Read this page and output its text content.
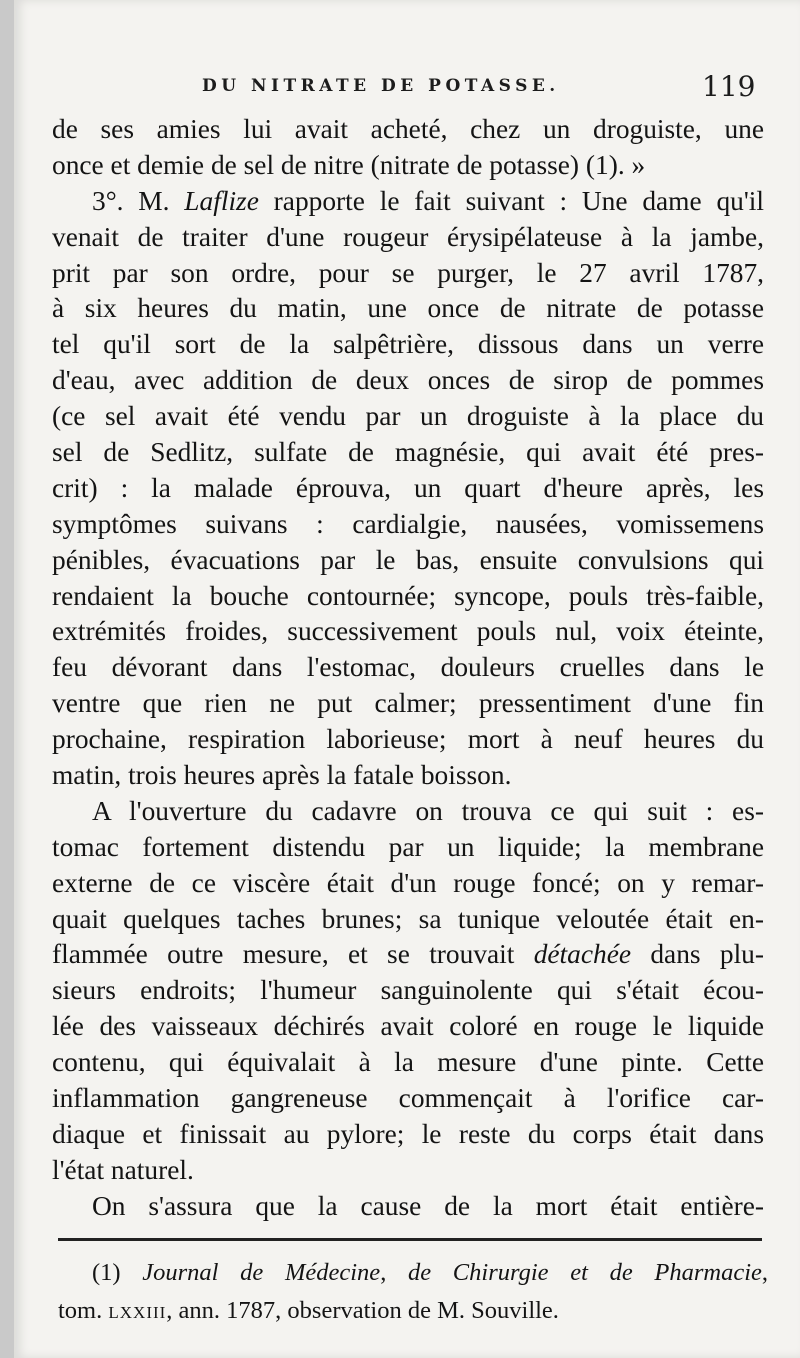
DU NITRATE DE POTASSE.	119
de ses amies lui avait acheté, chez un droguiste, une
once et demie de sel de nitre (nitrate de potasse) (1). »
3°. M. Laflize rapporte le fait suivant : Une dame qu'il
venait de traiter d'une rougeur érysipélateuse à la jambe,
prit par son ordre, pour se purger, le 27 avril 1787,
à six heures du matin, une once de nitrate de potasse
tel qu'il sort de la salpêtrière, dissous dans un verre
d'eau, avec addition de deux onces de sirop de pommes
(ce sel avait été vendu par un droguiste à la place du
sel de Sedlitz, sulfate de magnésie, qui avait été pres-
crit) : la malade éprouva, un quart d'heure après, les
symptômes suivans : cardialgie, nausées, vomissemens
pénibles, évacuations par le bas, ensuite convulsions qui
rendaient la bouche contournée; syncope, pouls très-faible,
extrémités froides, successivement pouls nul, voix éteinte,
feu dévorant dans l'estomac, douleurs cruelles dans le
ventre que rien ne put calmer; pressentiment d'une fin
prochaine, respiration laborieuse; mort à neuf heures du
matin, trois heures après la fatale boisson.
A l'ouverture du cadavre on trouva ce qui suit : es-
tomac fortement distendu par un liquide; la membrane
externe de ce viscère était d'un rouge foncé; on y remar-
quait quelques taches brunes; sa tunique veloutée était en-
flammée outre mesure, et se trouvait détachée dans plu-
sieurs endroits; l'humeur sanguinolente qui s'était écou-
lée des vaisseaux déchirés avait coloré en rouge le liquide
contenu, qui équivalait à la mesure d'une pinte. Cette
inflammation gangreneuse commençait à l'orifice car-
diaque et finissait au pylore; le reste du corps était dans
l'état naturel.
On s'assura que la cause de la mort était entière-
(1) Journal de Médecine, de Chirurgie et de Pharmacie,
tom. lxxiii, ann. 1787, observation de M. Souville.
